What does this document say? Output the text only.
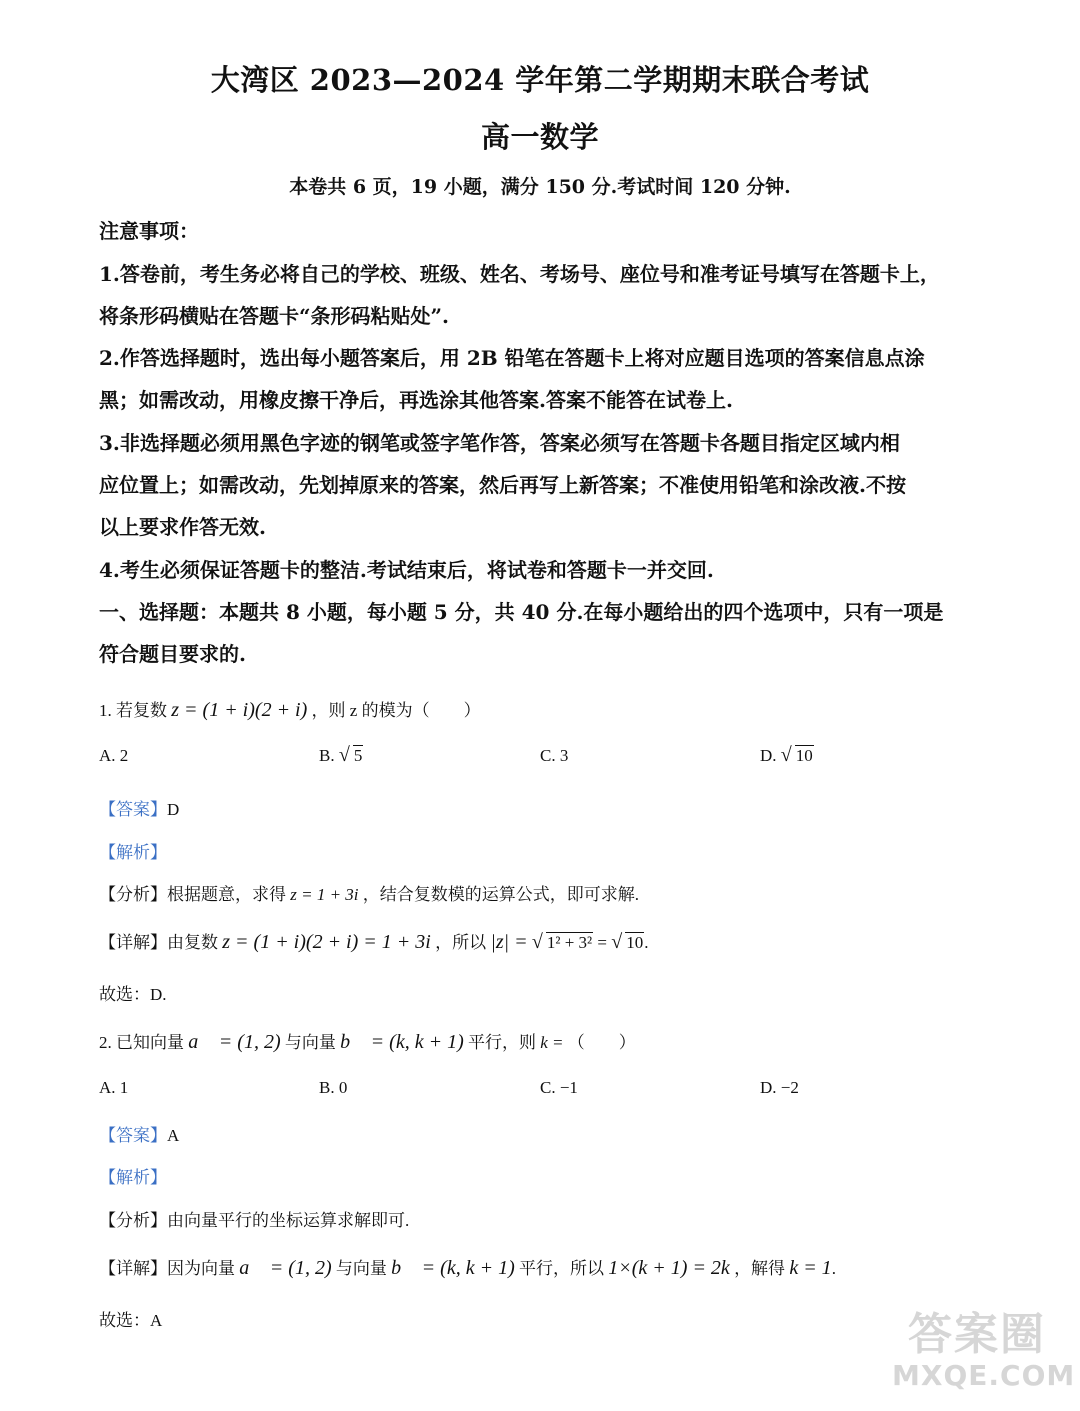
大湾区 2023—2024 学年第二学期期末联合考试
高一数学
本卷共 6 页，19 小题，满分 150 分.考试时间 120 分钟.
注意事项：
1.答卷前，考生务必将自己的学校、班级、姓名、考场号、座位号和准考证号填写在答题卡上，
将条形码横贴在答题卡“条形码粘贴处”.
2.作答选择题时，选出每小题答案后，用 2B 铅笔在答题卡上将对应题目选项的答案信息点涂
黑；如需改动，用橡皮擦干净后，再选涂其他答案.答案不能答在试卷上.
3.非选择题必须用黑色字迹的钢笔或签字笔作答，答案必须写在答题卡各题目指定区域内相
应位置上；如需改动，先划掉原来的答案，然后再写上新答案；不准使用铅笔和涂改液.不按
以上要求作答无效.
4.考生必须保证答题卡的整洁.考试结束后，将试卷和答题卡一并交回.
一、选择题：本题共 8 小题，每小题 5 分，共 40 分.在每小题给出的四个选项中，只有一项是
符合题目要求的.
1. 若复数 z = (1 + i)(2 + i) ，则 z 的模为（　　）
A. 2	B. √ 5	C. 3	D. √ 10
【答案】D
【解析】
【分析】根据题意，求得 z = 1 + 3i ，结合复数模的运算公式，即可求解.
【详解】由复数 z = (1 + i)(2 + i) = 1 + 3i ，所以 |z| = √ 1² + 3² = √ 10.
故选：D.
2. 已知向量 a⃗ = (1, 2) 与向量 b⃗ = (k, k + 1) 平行，则 k = （　　）
A. 1	B. 0	C. −1	D. −2
【答案】A
【解析】
【分析】由向量平行的坐标运算求解即可.
【详解】因为向量 a⃗ = (1, 2) 与向量 b⃗ = (k, k + 1) 平行，所以 1×(k + 1) = 2k ，解得 k = 1.
故选：A	答案圈
MXQE.COM
